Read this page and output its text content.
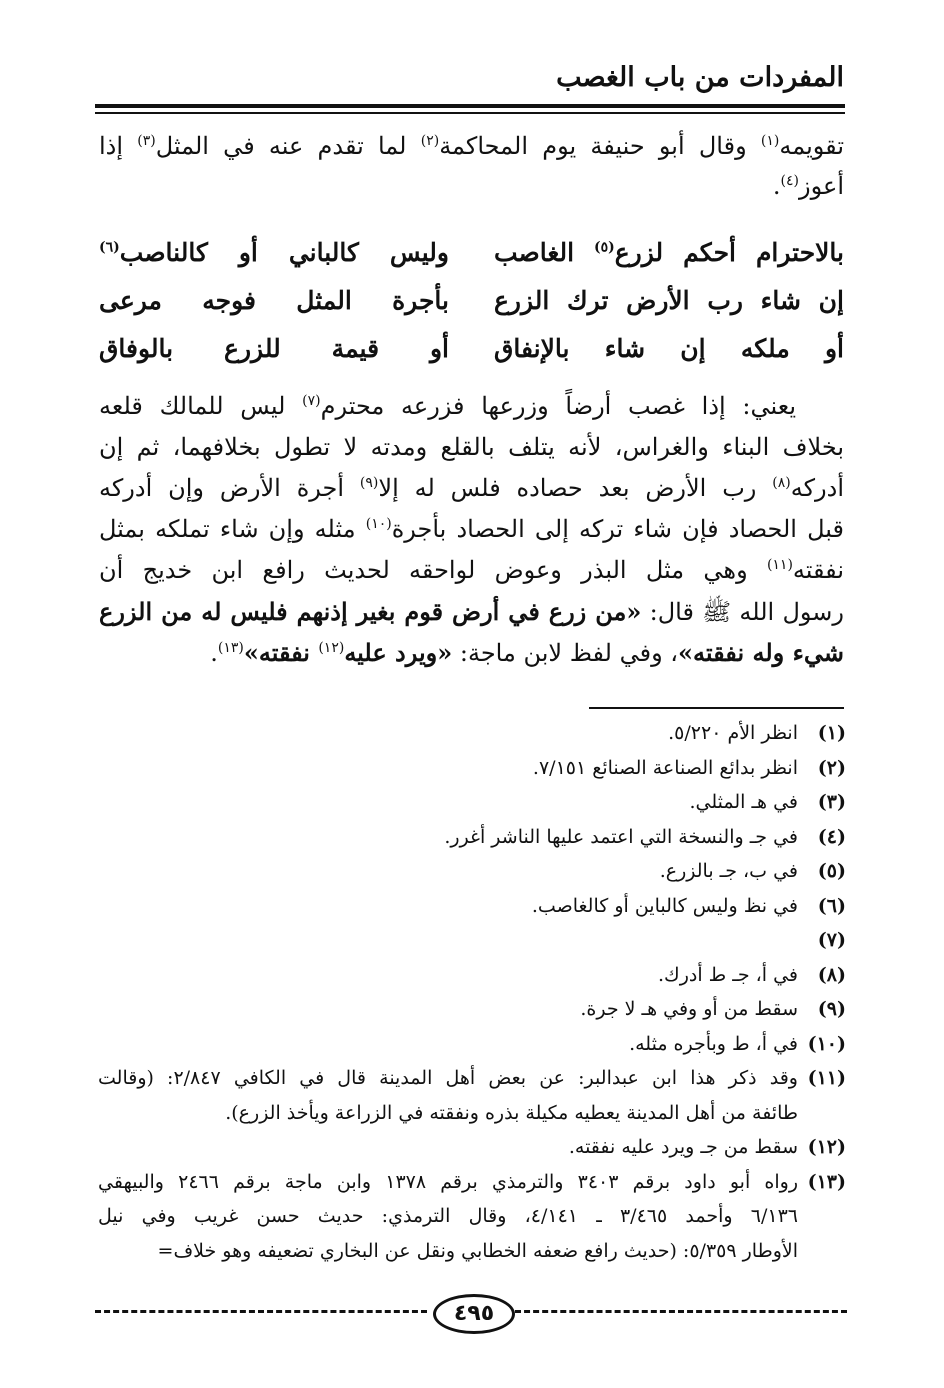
المفردات من باب الغصب
تقويمه$^{(١)}$ وقال أبو حنيفة يوم المحاكمة$^{(٢)}$ لما تقدم عنه في المثل$^{(٣)}$ إذا أعوز$^{(٤)}$.
بالاحترام أحكم لزرع$^{(٥)}$ الغاصب
وليس كالباني أو كالناصب$^{(٦)}$
إن شاء رب الأرض ترك الزرع
بأجرة المثل فوجه مرعى
أو ملكه إن شاء بالإنفاق
أو قيمة للزرع بالوفاق
​  يعني: إذا غصب أرضاً وزرعها فزرعه محترم$^{(٧)}$ ليس للمالك قلعه
بخلاف البناء والغراس، لأنه يتلف بالقلع ومدته لا تطول بخلافهما، ثم إن
أدركه$^{(٨)}$ رب الأرض بعد حصاده فلس له إلا$^{(٩)}$ أجرة الأرض وإن أدركه
قبل الحصاد فإن شاء تركه إلى الحصاد بأجرة$^{(١٠)}$ مثله وإن شاء تملكه بمثل
نفقته$^{(١١)}$ وهي مثل البذر وعوض لواحقه لحديث رافع ابن خديج أن
رسول الله ﷺ قال: «من زرع في أرض قوم بغير إذنهم فليس له من الزرع
شيء وله نفقته»، وفي لفظ لابن ماجة: «ويرد عليه$^{(١٢)}$ نفقته»$^{(١٣)}$.
(١)
انظر الأم ٥/٢٢٠.
(٢)
انظر بدائع الصناعة الصنائع ٧/١٥١.
(٣)
في هـ المثلي.
(٤)
في جـ والنسخة التي اعتمد عليها الناشر أغرر.
(٥)
في ب، جـ بالزرع.
(٦)
في نظ وليس كالباين أو كالغاصب.
(٧)
(٨)
في أ، جـ ط أدرك.
(٩)
سقط من أو وفي هـ لا جرة.
(١٠)
في أ، ط وبأجره مثله.
(١١)
وقد ذكر هذا ابن عبدالبر: عن بعض أهل المدينة قال في الكافي ٢/٨٤٧: (وقالت
طائفة من أهل المدينة يعطيه مكيلة بذره ونفقته في الزراعة ويأخذ الزرع).
(١٢)
سقط من جـ ويرد عليه نفقته.
(١٣)
رواه أبو داود برقم ٣٤٠٣ والترمذي برقم ١٣٧٨ وابن ماجة برقم ٢٤٦٦ والبيهقي
٦/١٣٦ وأحمد ٣/٤٦٥ ـ ٤/١٤١، وقال الترمذي: حديث حسن غريب وفي نيل
الأوطار ٥/٣٥٩: (حديث رافع ضعفه الخطابي ونقل عن البخاري تضعيفه وهو خلاف=
٤٩٥
